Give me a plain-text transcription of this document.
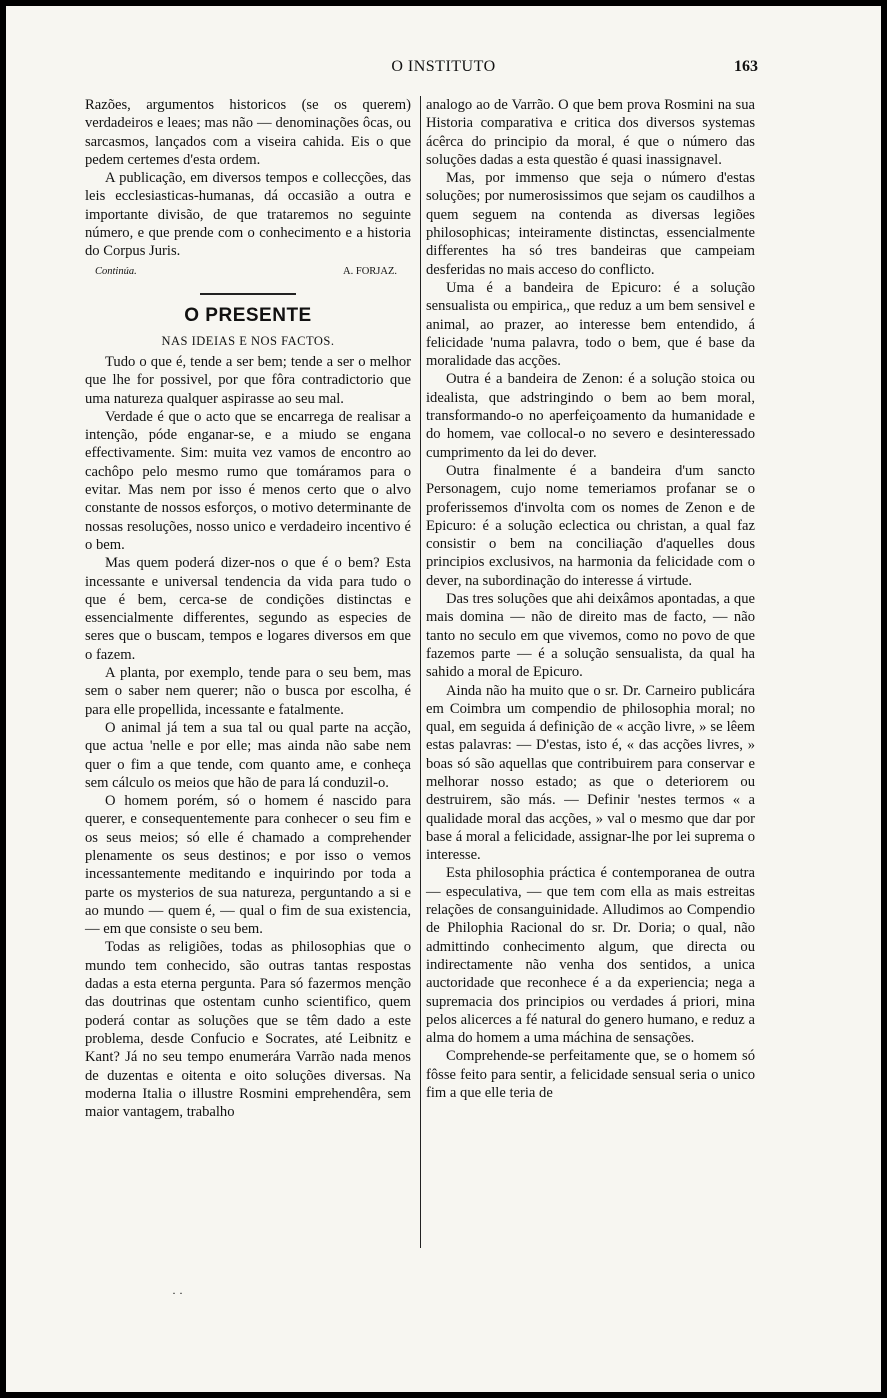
O INSTITUTO	163

Razões, argumentos historicos (se os querem) verdadeiros e leaes; mas não — denominações ôcas, ou sarcasmos, lançados com a viseira cahida. Eis o que pedem certemes d'esta ordem.

A publicação, em diversos tempos e collecções, das leis ecclesiasticas-humanas, dá occasião a outra e importante divisão, de que trataremos no seguinte número, e que prende com o conhecimento e a historia do Corpus Juris.

Continúa.	A. FORJAZ.
O PRESENTE
NAS IDEIAS E NOS FACTOS.

Tudo o que é, tende a ser bem; tende a ser o melhor que lhe for possivel, por que fôra contradictorio que uma natureza qualquer aspirasse ao seu mal.

Verdade é que o acto que se encarrega de realisar a intenção, póde enganar-se, e a miudo se engana effectivamente. Sim: muita vez vamos de encontro ao cachôpo pelo mesmo rumo que tomáramos para o evitar. Mas nem por isso é menos certo que o alvo constante de nossos esforços, o motivo determinante de nossas resoluções, nosso unico e verdadeiro incentivo é o bem.

Mas quem poderá dizer-nos o que é o bem? Esta incessante e universal tendencia da vida para tudo o que é bem, cerca-se de condições distinctas e essencialmente differentes, segundo as especies de seres que o buscam, tempos e logares diversos em que o fazem.

A planta, por exemplo, tende para o seu bem, mas sem o saber nem querer; não o busca por escolha, é para elle propellida, incessante e fatalmente.

O animal já tem a sua tal ou qual parte na acção, que actua 'nelle e por elle; mas ainda não sabe nem quer o fim a que tende, com quanto ame, e conheça sem cálculo os meios que hão de para lá conduzil-o.

O homem porém, só o homem é nascido para querer, e consequentemente para conhecer o seu fim e os seus meios; só elle é chamado a comprehender plenamente os seus destinos; e por isso o vemos incessantemente meditando e inquirindo por toda a parte os mysterios de sua natureza, perguntando a si e ao mundo — quem é, — qual o fim de sua existencia, — em que consiste o seu bem.

Todas as religiões, todas as philosophias que o mundo tem conhecido, são outras tantas respostas dadas a esta eterna pergunta. Para só fazermos menção das doutrinas que ostentam cunho scientifico, quem poderá contar as soluções que se têm dado a este problema, desde Confucio e Socrates, até Leibnitz e Kant? Já no seu tempo enumerára Varrão nada menos de duzentas e oitenta e oito soluções diversas. Na moderna Italia o illustre Rosmini emprehendêra, sem maior vantagem, trabalho

analogo ao de Varrão. O que bem prova Rosmini na sua Historia comparativa e critica dos diversos systemas ácêrca do principio da moral, é que o número das soluções dadas a esta questão é quasi inassignavel.

Mas, por immenso que seja o número d'estas soluções; por numerosissimos que sejam os caudilhos a quem seguem na contenda as diversas legiões philosophicas; inteiramente distinctas, essencialmente differentes ha só tres bandeiras que campeiam desferidas no mais acceso do conflicto.

Uma é a bandeira de Epicuro: é a solução sensualista ou empirica,, que reduz a um bem sensivel e animal, ao prazer, ao interesse bem entendido, á felicidade 'numa palavra, todo o bem, que é base da moralidade das acções.

Outra é a bandeira de Zenon: é a solução stoica ou idealista, que adstringindo o bem ao bem moral, transformando-o no aperfeiçoamento da humanidade e do homem, vae collocal-o no severo e desinteressado cumprimento da lei do dever.

Outra finalmente é a bandeira d'um sancto Personagem, cujo nome temeriamos profanar se o proferissemos d'involta com os nomes de Zenon e de Epicuro: é a solução eclectica ou christan, a qual faz consistir o bem na conciliação d'aquelles dous principios exclusivos, na harmonia da felicidade com o dever, na subordinação do interesse á virtude.

Das tres soluções que ahi deixâmos apontadas, a que mais domina — não de direito mas de facto, — não tanto no seculo em que vivemos, como no povo de que fazemos parte — é a solução sensualista, da qual ha sahido a moral de Epicuro.

Ainda não ha muito que o sr. Dr. Carneiro publicára em Coimbra um compendio de philosophia moral; no qual, em seguida á definição de « acção livre, » se lêem estas palavras: — D'estas, isto é, « das acções livres, » boas só são aquellas que contribuirem para conservar e melhorar nosso estado; as que o deteriorem ou destruirem, são más. — Definir 'nestes termos « a qualidade moral das acções, » val o mesmo que dar por base á moral a felicidade, assignar-lhe por lei suprema o interesse.

Esta philosophia práctica é contemporanea de outra — especulativa, — que tem com ella as mais estreitas relações de consanguinidade. Alludimos ao Compendio de Philophia Racional do sr. Dr. Doria; o qual, não admittindo conhecimento algum, que directa ou indirectamente não venha dos sentidos, a unica auctoridade que reconhece é a da experiencia; nega a supremacia dos principios ou verdades á priori, mina pelos alicerces a fé natural do genero humano, e reduz a alma do homem a uma máchina de sensações.

Comprehende-se perfeitamente que, se o homem só fôsse feito para sentir, a felicidade sensual seria o unico fim a que elle teria de

· ·
